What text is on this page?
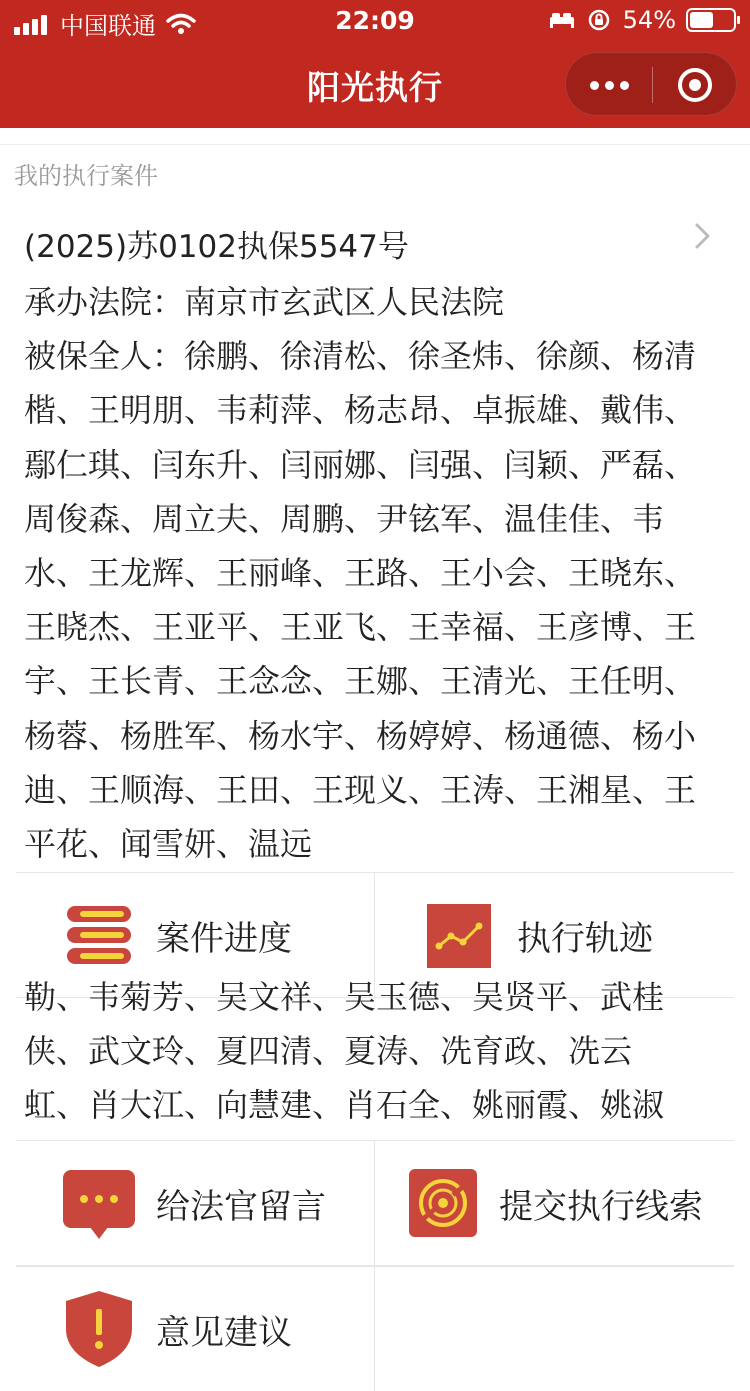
中国联通	22:09	54%
阳光执行
我的执行案件
(2025)苏0102执保5547号
承办法院：南京市玄武区人民法院
被保全人：徐鹏、徐清松、徐圣炜、徐颜、杨清楷、王明朋、韦莉萍、杨志昂、卓振雄、戴伟、鄢仁琪、闫东升、闫丽娜、闫强、闫颖、严磊、周俊森、周立夫、周鹏、尹铉军、温佳佳、韦水、王龙辉、王丽峰、王路、王小会、王晓东、王晓杰、王亚平、王亚飞、王幸福、王彦博、王宇、王长青、王念念、王娜、王清光、王任明、杨蓉、杨胜军、杨水宇、杨婷婷、杨通德、杨小迪、王顺海、王田、王现义、王涛、王湘星、王平花、闻雪妍、温远
案件进度	执行轨迹
勒、韦菊芳、吴文祥、吴玉德、吴贤平、武桂
侠、武文玲、夏四清、夏涛、冼育政、冼云
虹、肖大江、向慧建、肖石全、姚丽霞、姚淑
给法官留言	提交执行线索
意见建议
